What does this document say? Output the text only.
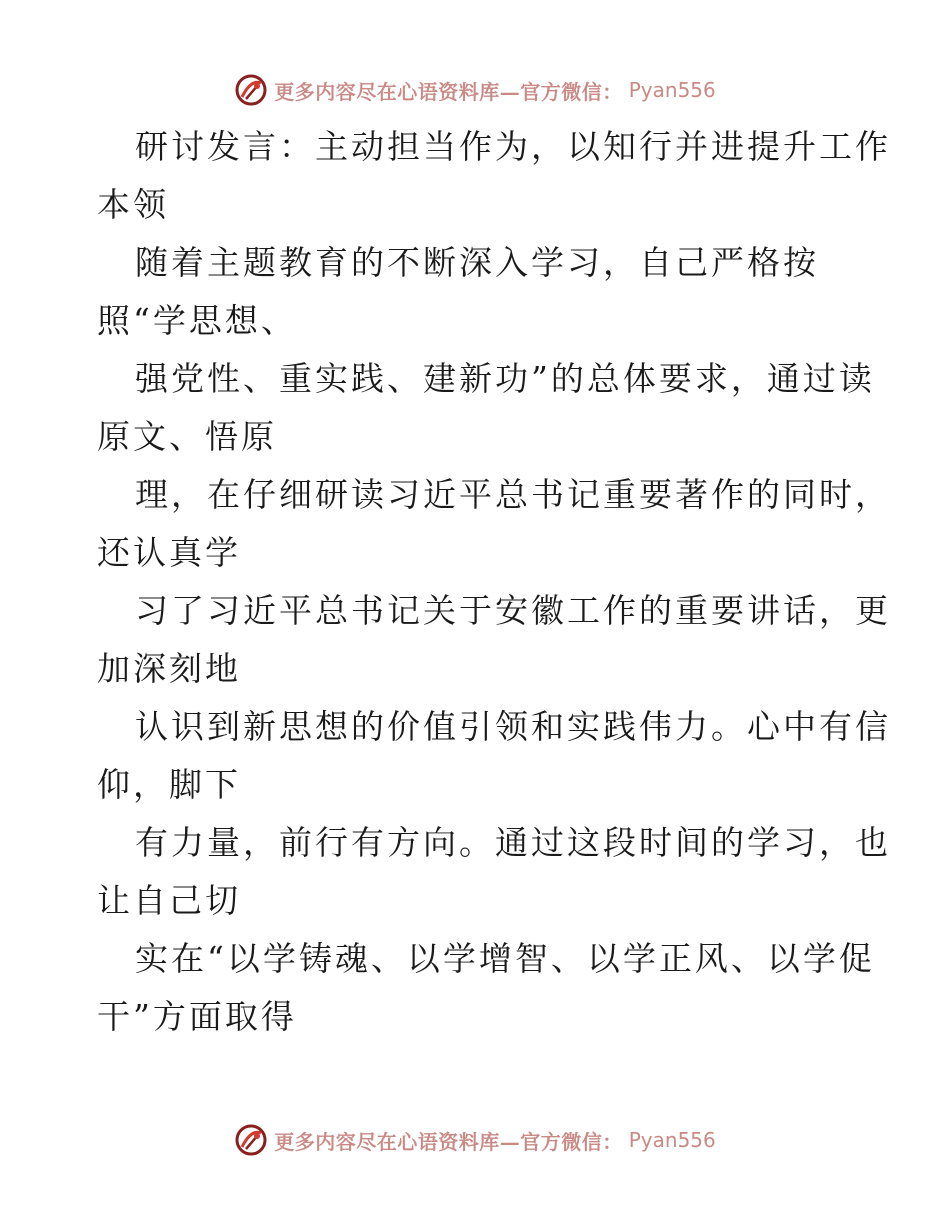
更多内容尽在心语资料库—官方微信： Pyan556
研讨发言：主动担当作为，以知行并进提升工作
本领
随着主题教育的不断深入学习，自己严格按
照“学思想、
强党性、重实践、建新功”的总体要求，通过读
原文、悟原
理，在仔细研读习近平总书记重要著作的同时，
还认真学
习了习近平总书记关于安徽工作的重要讲话，更
加深刻地
认识到新思想的价值引领和实践伟力。心中有信
仰，脚下
有力量，前行有方向。通过这段时间的学习，也
让自己切
实在“以学铸魂、以学增智、以学正风、以学促
干”方面取得
更多内容尽在心语资料库—官方微信： Pyan556
